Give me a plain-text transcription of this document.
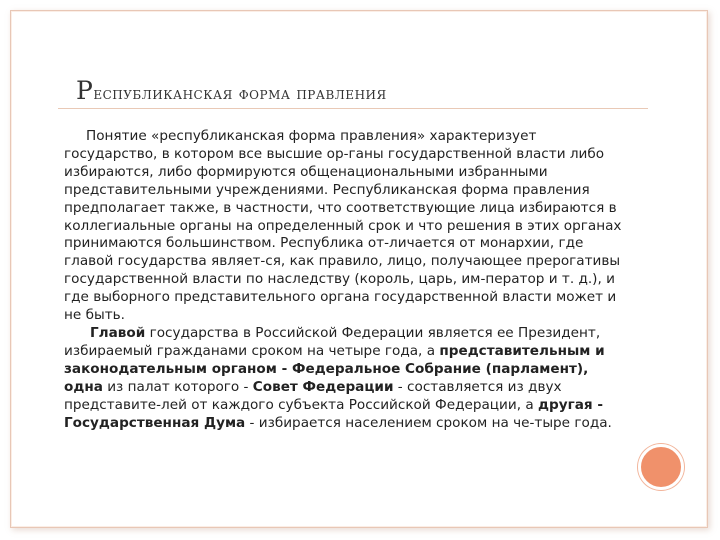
Республиканская форма правления

Понятие «республиканская форма правления» характеризует государство, в котором все высшие ор-ганы государственной власти либо избираются, либо формируются общенациональными избранными представительными учреждениями. Республиканская форма правления предполагает также, в частности, что соответствующие лица избираются в коллегиальные органы на определенный срок и что решения в этих органах принимаются большинством. Республика от-личается от монархии, где главой государства являет-ся, как правило, лицо, получающее прерогативы государственной власти по наследству (король, царь, им-ператор и т. д.), и где выборного представительного органа государственной власти может и не быть.

Главой государства в Российской Федерации является ее Президент, избираемый гражданами сроком на четыре года, а представительным и законодательным органом - Федеральное Собрание (парламент), одна из палат которого - Совет Федерации - составляется из двух представите-лей от каждого субъекта Российской Федерации, а другая - Государственная Дума - избирается населением сроком на че-тыре года.
